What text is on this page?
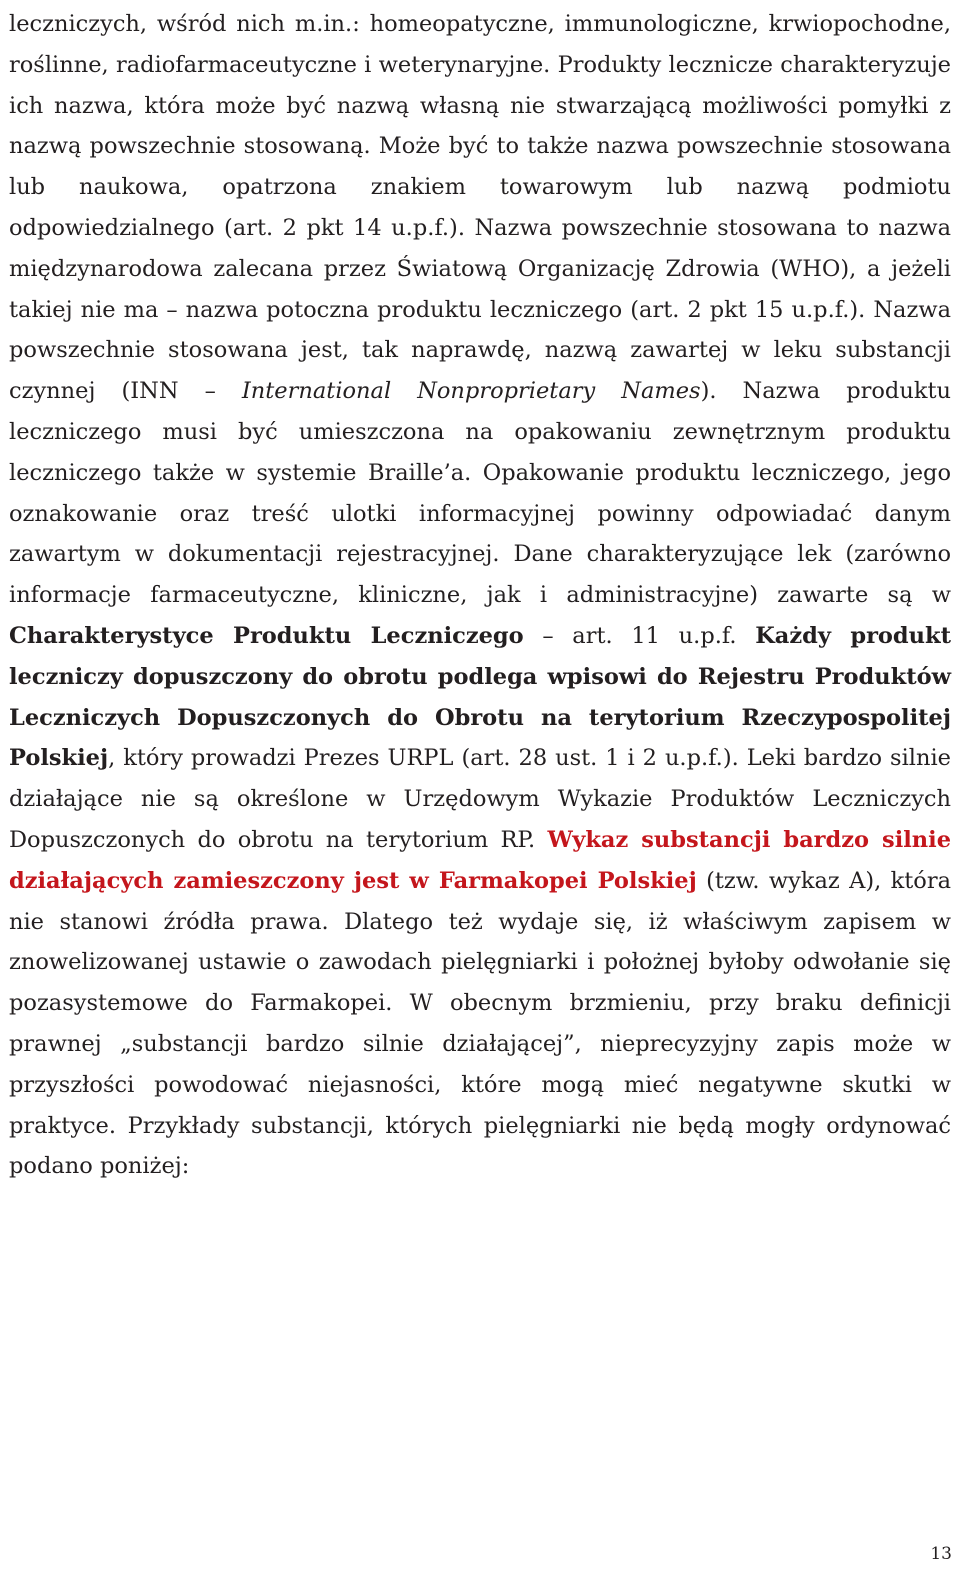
leczniczych, wśród nich m.in.: homeopatyczne, immunologiczne, krwiopochodne, roślinne, radiofarmaceutyczne i weterynaryjne. Produkty lecznicze charakteryzuje ich nazwa, która może być nazwą własną nie stwarzającą możliwości pomyłki z nazwą powszechnie stosowaną. Może być to także nazwa powszechnie stosowana lub naukowa, opatrzona znakiem towarowym lub nazwą podmiotu odpowiedzialnego (art. 2 pkt 14 u.p.f.). Nazwa powszechnie stosowana to nazwa międzynarodowa zalecana przez Światową Organizację Zdrowia (WHO), a jeżeli takiej nie ma – nazwa potoczna produktu leczniczego (art. 2 pkt 15 u.p.f.). Nazwa powszechnie stosowana jest, tak naprawdę, nazwą zawartej w leku substancji czynnej (INN – International Nonproprietary Names). Nazwa produktu leczniczego musi być umieszczona na opakowaniu zewnętrznym produktu leczniczego także w systemie Braille’a. Opakowanie produktu leczniczego, jego oznakowanie oraz treść ulotki informacyjnej powinny odpowiadać danym zawartym w dokumentacji rejestracyjnej. Dane charakteryzujące lek (zarówno informacje farmaceutyczne, kliniczne, jak i administracyjne) zawarte są w Charakterystyce Produktu Leczniczego – art. 11 u.p.f. Każdy produkt leczniczy dopuszczony do obrotu podlega wpisowi do Rejestru Produktów Leczniczych Dopuszczonych do Obrotu na terytorium Rzeczypospolitej Polskiej, który prowadzi Prezes URPL (art. 28 ust. 1 i 2 u.p.f.). Leki bardzo silnie działające nie są określone w Urzędowym Wykazie Produktów Leczniczych Dopuszczonych do obrotu na terytorium RP. Wykaz substancji bardzo silnie działających zamieszczony jest w Farmakopei Polskiej (tzw. wykaz A), która nie stanowi źródła prawa. Dlatego też wydaje się, iż właściwym zapisem w znowelizowanej ustawie o zawodach pielęgniarki i położnej byłoby odwołanie się pozasystemowe do Farmakopei. W obecnym brzmieniu, przy braku definicji prawnej „substancji bardzo silnie działającej”, nieprecyzyjny zapis może w przyszłości powodować niejasności, które mogą mieć negatywne skutki w praktyce. Przykłady substancji, których pielęgniarki nie będą mogły ordynować podano poniżej:

13
